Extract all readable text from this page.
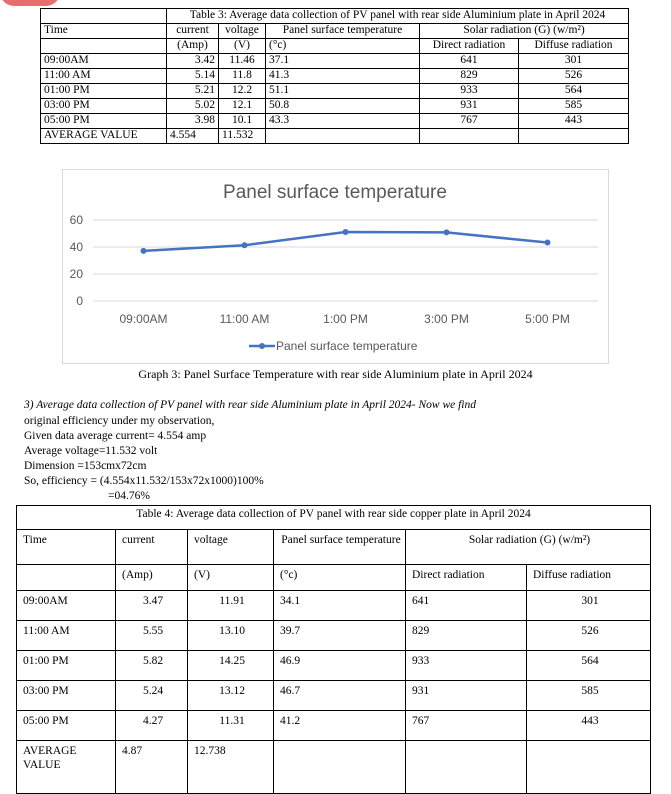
	Table 3: Average data collection of PV panel with rear side Aluminium plate in April 2024				
Time	current	voltage	Panel surface temperature	Solar radiation (G) (w/m²)	
	(Amp)	(V)	(°c)	Direct radiation	Diffuse radiation
09:00AM	3.42	11.46	37.1	641	301
11:00 AM	5.14	11.8	41.3	829	526
01:00 PM	5.21	12.2	51.1	933	564
03:00 PM	5.02	12.1	50.8	931	585
05:00 PM	3.98	10.1	43.3	767	443
AVERAGE VALUE	4.554	11.532			
Panel surface temperature
0
20
40
60
09:00AM	11:00 AM	1:00 PM	3:00 PM	5:00 PM
Panel surface temperature
Graph 3: Panel Surface Temperature with rear side Aluminium plate in April 2024
3) Average data collection of PV panel with rear side Aluminium plate in April 2024- Now we find
original efficiency under my observation,
Given data average current= 4.554 amp
Average voltage=11.532 volt
Dimension =153cmx72cm
So, efficiency = (4.554x11.532/153x72x1000)100%
=04.76%
Table 4: Average data collection of PV panel with rear side copper plate in April 2024					
Time	current	voltage	Panel surface temperature	Solar radiation (G) (w/m²)	
	(Amp)	(V)	(°c)	Direct radiation	Diffuse radiation
09:00AM	3.47	11.91	34.1	641	301
11:00 AM	5.55	13.10	39.7	829	526
01:00 PM	5.82	14.25	46.9	933	564
03:00 PM	5.24	13.12	46.7	931	585
05:00 PM	4.27	11.31	41.2	767	443
AVERAGE VALUE	4.87	12.738			
